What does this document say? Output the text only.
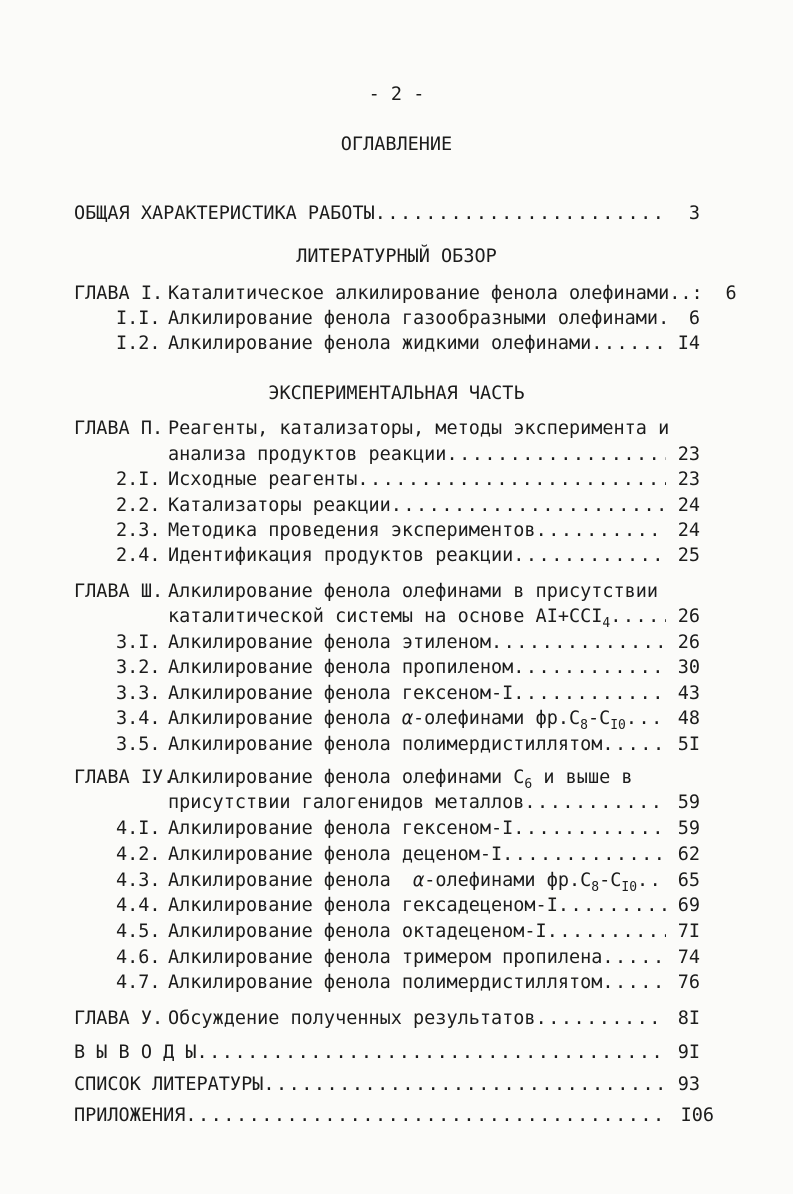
- 2 -
ОГЛАВЛЕНИЕ
ОБЩАЯ ХАРАКТЕРИСТИКА РАБОТЫ .....	3
ЛИТЕРАТУРНЫЙ ОБЗОР
ГЛАВА I. Каталитическое алкилирование фенола олефинами..:	6
I.I. Алкилирование фенола газообразными олефинами .....	6
I.2. Алкилирование фенола жидкими олефинами .....	I4
ЭКСПЕРИМЕНТАЛЬНАЯ ЧАСТЬ
ГЛАВА П. Реагенты, катализаторы, методы эксперимента и
анализа продуктов реакции .....	23
2.I. Исходные реагенты .....	23
2.2. Катализаторы реакции .....	24
2.3. Методика проведения экспериментов .....	24
2.4. Идентификация продуктов реакции .....	25
ГЛАВА Ш. Алкилирование фенола олефинами в присутствии
каталитической системы на основе $AI+CCI_4$ .....	26
3.I. Алкилирование фенола этиленом .....	26
3.2. Алкилирование фенола пропиленом .....	30
3.3. Алкилирование фенола гексеном-I .....	43
3.4. Алкилирование фенола α-олефинами $фр.C_8-C_{I0}$ .....	48
3.5. Алкилирование фенола полимердистиллятом .....	5I
ГЛАВА IУ.
Алкилирование фенола олефинами $C_6$ и выше в
присутствии галогенидов металлов .....	59
4.I. Алкилирование фенола гексеном-I .....	59
4.2. Алкилирование фенола деценом-I .....	62
4.3. Алкилирование фенола  α-олефинами $фр.C_8-C_{I0}$ .....	65
4.4. Алкилирование фенола гексадеценом-I .....	69
4.5. Алкилирование фенола октадеценом-I .....	7I
4.6. Алкилирование фенола тримером пропилена .....	74
4.7. Алкилирование фенола полимердистиллятом .....	76
ГЛАВА У. Обсуждение полученных результатов .....	8I
В Ы В О Д Ы .....	9I
СПИСОК ЛИТЕРАТУРЫ .....	93
ПРИЛОЖЕНИЯ .....	I06
